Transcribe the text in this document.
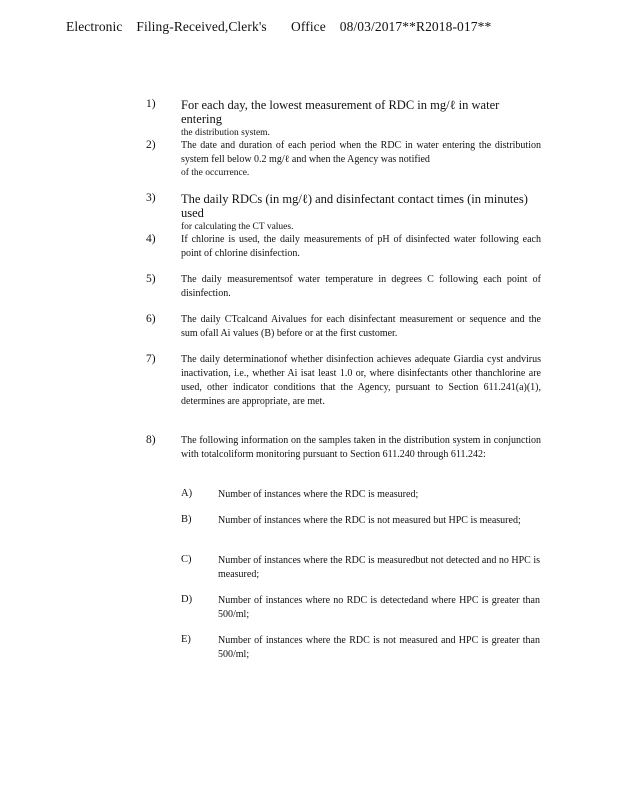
Electronic    Filing-Received,Clerk's       Office    08/03/2017**R2018-017**
1) For each day, the lowest measurement of RDC in mg/ℓ in water entering
the distribution system.
2)	The date and duration of each period when the RDC in water entering the distribution system fell below 0.2 mg/ℓ and when the Agency was notified
of the occurrence.
3) The daily RDCs (in mg/ℓ) and disinfectant contact times (in minutes) used
for calculating the CT values.
4)	If chlorine is used, the daily measurements of pH of disinfected water following each point of chlorine disinfection.
5)	The daily measurementsof water temperature in degrees C following each point of disinfection.
6)	The daily CTcalcand Aivalues for each disinfectant measurement or sequence and the sum ofall Ai values (B) before or at the first customer.
7)	The daily determinationof whether disinfection achieves adequate Giardia cyst andvirus inactivation, i.e., whether Ai isat least 1.0 or, where disinfectants other thanchlorine are used, other indicator conditions that the Agency, pursuant to Section 611.241(a)(1), determines are appropriate, are met.
8)	The following information on the samples taken in the distribution system in conjunction with totalcoliform monitoring pursuant to Section 611.240 through 611.242:
A)	Number of instances where the RDC is measured;
B)	Number of instances where the RDC is not measured but HPC is measured;
C)	Number of instances where the RDC is measuredbut not detected and no HPC is measured;
D)	Number of instances where no RDC is detectedand where HPC is greater than 500/ml;
E)	Number of instances where the RDC is not measured and HPC is greater than 500/ml;
